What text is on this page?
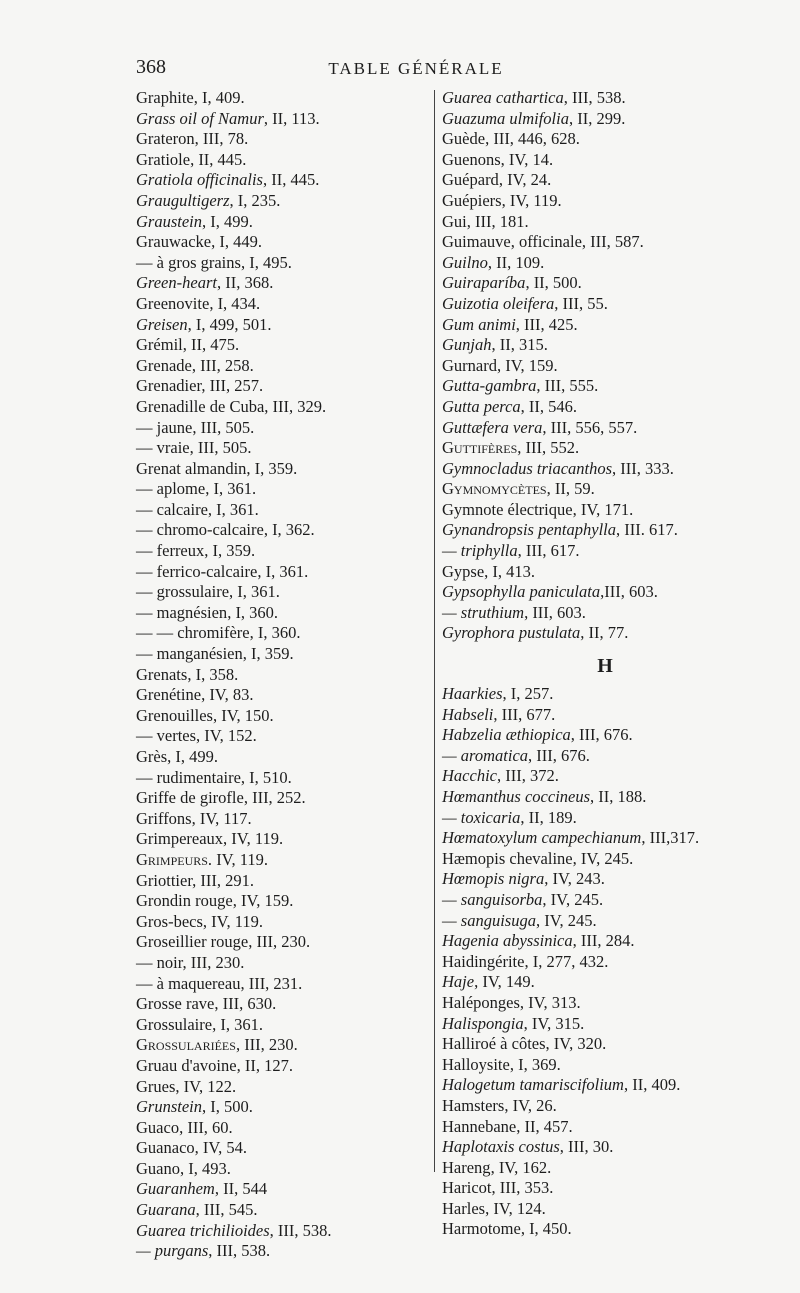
368	TABLE GÉNÉRALE
Graphite, I, 409.
Grass oil of Namur, II, 113.
Grateron, III, 78.
Gratiole, II, 445.
Gratiola officinalis, II, 445.
Graugultigerz, I, 235.
Graustein, I, 499.
Grauwacke, I, 449.
— à gros grains, I, 495.
Green-heart, II, 368.
Greenovite, I, 434.
Greisen, I, 499, 501.
Grémil, II, 475.
Grenade, III, 258.
Grenadier, III, 257.
Grenadille de Cuba, III, 329.
— jaune, III, 505.
— vraie, III, 505.
Grenat almandin, I, 359.
— aplome, I, 361.
— calcaire, I, 361.
— chromo-calcaire, I, 362.
— ferreux, I, 359.
— ferrico-calcaire, I, 361.
— grossulaire, I, 361.
— magnésien, I, 360.
— — chromifère, I, 360.
— manganésien, I, 359.
Grenats, I, 358.
Grenétine, IV, 83.
Grenouilles, IV, 150.
— vertes, IV, 152.
Grès, I, 499.
— rudimentaire, I, 510.
Griffe de girofle, III, 252.
Griffons, IV, 117.
Grimpereaux, IV, 119.
Grimpeurs. IV, 119.
Griottier, III, 291.
Grondin rouge, IV, 159.
Gros-becs, IV, 119.
Groseillier rouge, III, 230.
— noir, III, 230.
— à maquereau, III, 231.
Grosse rave, III, 630.
Grossulaire, I, 361.
Grossulariées, III, 230.
Gruau d'avoine, II, 127.
Grues, IV, 122.
Grunstein, I, 500.
Guaco, III, 60.
Guanaco, IV, 54.
Guano, I, 493.
Guaranhem, II, 544
Guarana, III, 545.
Guarea trichilioides, III, 538.
— purgans, III, 538.
Guarea cathartica, III, 538.
Guazuma ulmifolia, II, 299.
Guède, III, 446, 628.
Guenons, IV, 14.
Guépard, IV, 24.
Guépiers, IV, 119.
Gui, III, 181.
Guimauve, officinale, III, 587.
Guilno, II, 109.
Guiraparíba, II, 500.
Guizotia oleifera, III, 55.
Gum animi, III, 425.
Gunjah, II, 315.
Gurnard, IV, 159.
Gutta-gambra, III, 555.
Gutta perca, II, 546.
Guttæfera vera, III, 556, 557.
Guttifères, III, 552.
Gymnocladus triacanthos, III, 333.
Gymnomycètes, II, 59.
Gymnote électrique, IV, 171.
Gynandropsis pentaphylla, III. 617.
— triphylla, III, 617.
Gypse, I, 413.
Gypsophylla paniculata,III, 603.
— struthium, III, 603.
Gyrophora pustulata, II, 77.
H
Haarkies, I, 257.
Habseli, III, 677.
Habzelia æthiopica, III, 676.
— aromatica, III, 676.
Hacchic, III, 372.
Hœmanthus coccineus, II, 188.
— toxicaria, II, 189.
Hœmatoxylum campechianum, III,317.
Hæmopis chevaline, IV, 245.
Hœmopis nigra, IV, 243.
— sanguisorba, IV, 245.
— sanguisuga, IV, 245.
Hagenia abyssinica, III, 284.
Haidingérite, I, 277, 432.
Haje, IV, 149.
Haléponges, IV, 313.
Halispongia, IV, 315.
Halliroé à côtes, IV, 320.
Halloysite, I, 369.
Halogetum tamariscifolium, II, 409.
Hamsters, IV, 26.
Hannebane, II, 457.
Haplotaxis costus, III, 30.
Hareng, IV, 162.
Haricot, III, 353.
Harles, IV, 124.
Harmotome, I, 450.
